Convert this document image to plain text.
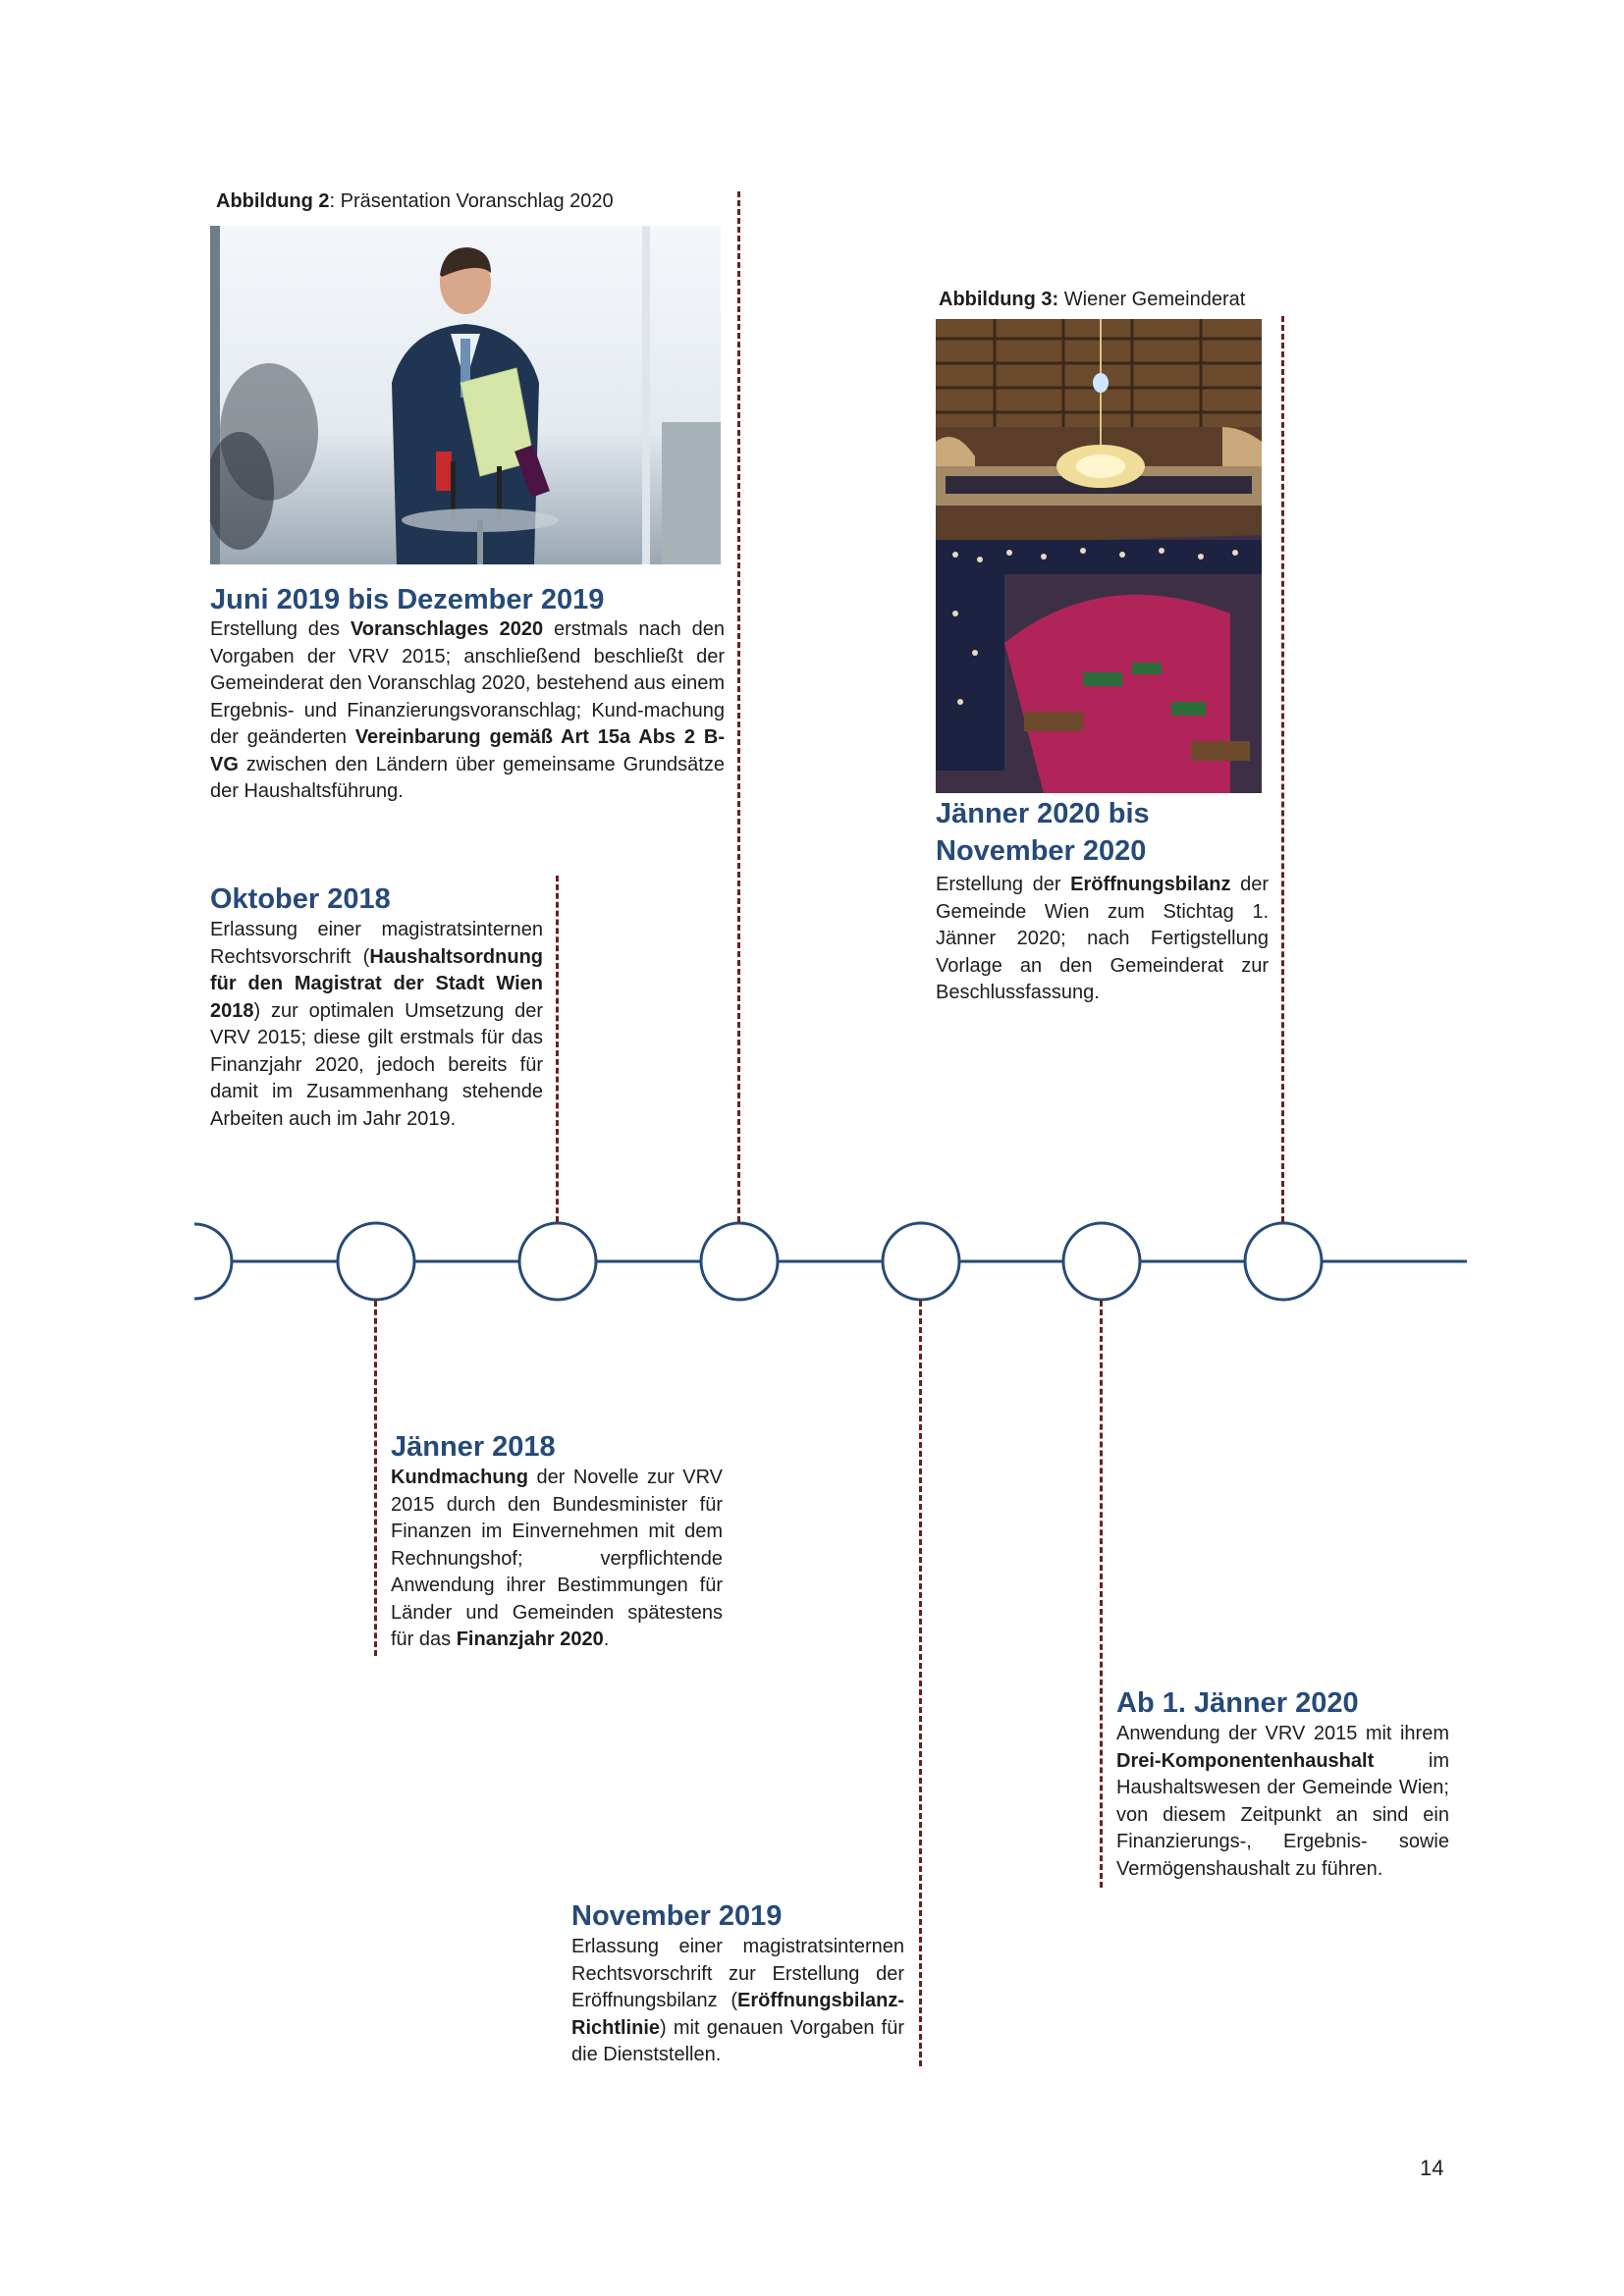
Abbildung 2: Präsentation Voranschlag 2020
Juni 2019 bis Dezember 2019

Erstellung des Voranschlages 2020 erstmals nach den Vorgaben der VRV 2015; anschließend beschließt der Gemeinderat den Voranschlag 2020, bestehend aus einem Ergebnis- und Finanzierungsvoranschlag; Kund-machung der geänderten Vereinbarung gemäß Art 15a Abs 2 B-VG zwischen den Ländern über gemeinsame Grundsätze der Haushaltsführung.

Abbildung 3: Wiener Gemeinderat
Jänner 2020 bis November 2020

Erstellung der Eröffnungsbilanz der Gemeinde Wien zum Stichtag 1. Jänner 2020; nach Fertigstellung Vorlage an den Gemeinderat zur Beschlussfassung.

Oktober 2018

Erlassung einer magistratsinternen Rechtsvorschrift (Haushaltsordnung für den Magistrat der Stadt Wien 2018) zur optimalen Umsetzung der VRV 2015; diese gilt erstmals für das Finanzjahr 2020, jedoch bereits für damit im Zusammenhang stehende Arbeiten auch im Jahr 2019.

Jänner 2018

Kundmachung der Novelle zur VRV 2015 durch den Bundesminister für Finanzen im Einvernehmen mit dem Rechnungshof; verpflichtende Anwendung ihrer Bestimmungen für Länder und Gemeinden spätestens für das Finanzjahr 2020.

Ab 1. Jänner 2020

Anwendung der VRV 2015 mit ihrem Drei-Komponentenhaushalt im Haushaltswesen der Gemeinde Wien; von diesem Zeitpunkt an sind ein Finanzierungs-, Ergebnis- sowie Vermögenshaushalt zu führen.

November 2019

Erlassung einer magistratsinternen Rechtsvorschrift zur Erstellung der Eröffnungsbilanz (Eröffnungsbilanz-Richtlinie) mit genauen Vorgaben für die Dienststellen.

14
